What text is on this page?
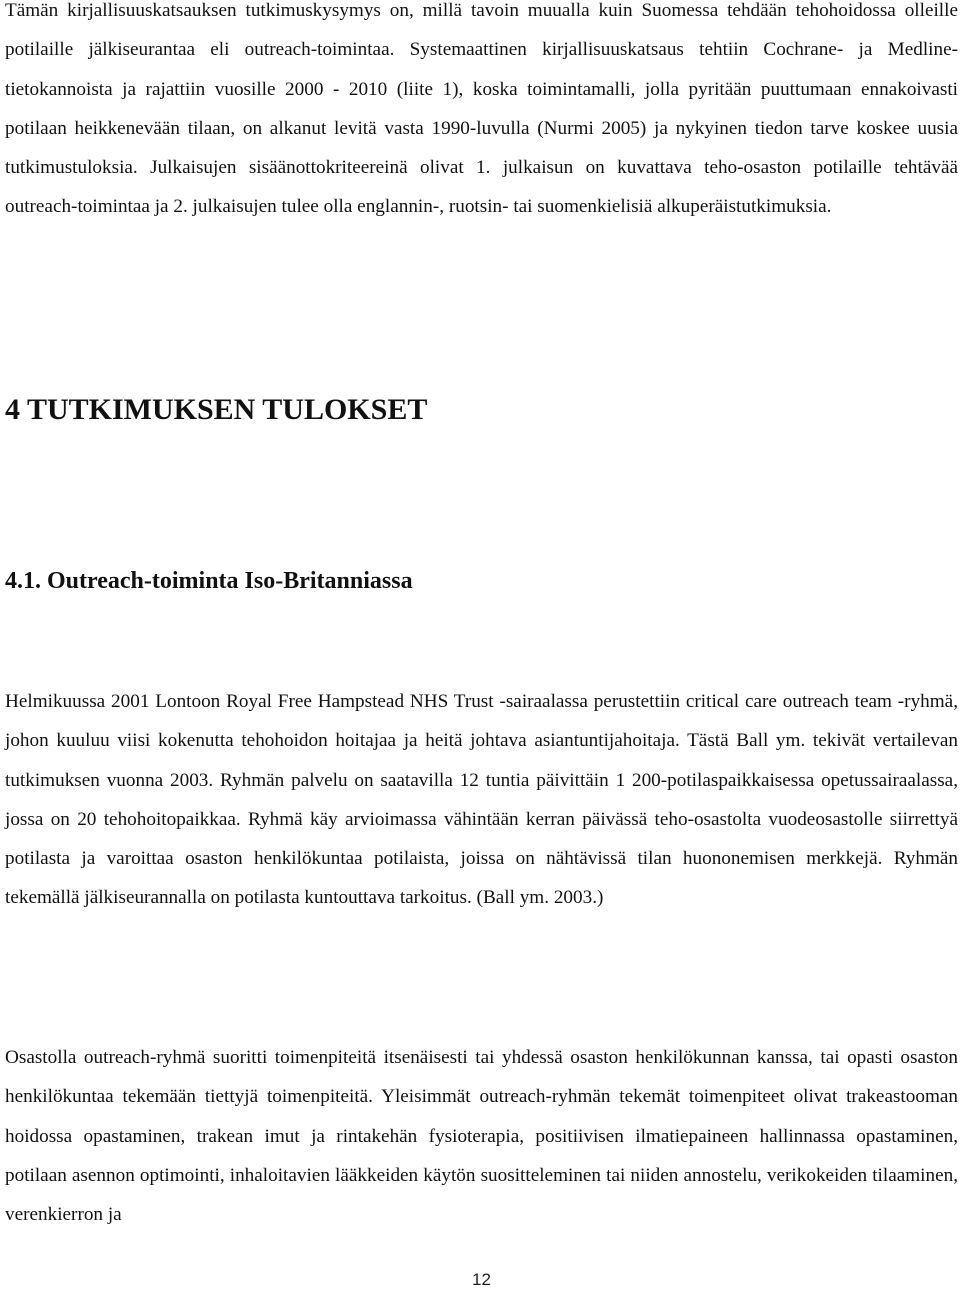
Tämän kirjallisuuskatsauksen tutkimuskysymys on, millä tavoin muualla kuin Suomessa tehdään tehohoidossa olleille potilaille jälkiseurantaa eli outreach-toimintaa. Systemaattinen kirjallisuuskatsaus tehtiin Cochrane- ja Medline-tietokannoista ja rajattiin vuosille 2000 - 2010 (liite 1), koska toimintamalli, jolla pyritään puuttumaan ennakoivasti potilaan heikkenevään tilaan, on alkanut levitä vasta 1990-luvulla (Nurmi 2005) ja nykyinen tiedon tarve koskee uusia tutkimustuloksia. Julkaisujen sisäänottokriteereinä olivat 1. julkaisun on kuvattava teho-osaston potilaille tehtävää outreach-toimintaa ja 2. julkaisujen tulee olla englannin-, ruotsin- tai suomenkielisiä alkuperäistutkimuksia.

4 TUTKIMUKSEN TULOKSET
4.1. Outreach-toiminta Iso-Britanniassa

Helmikuussa 2001 Lontoon Royal Free Hampstead NHS Trust -sairaalassa perustettiin critical care outreach team -ryhmä, johon kuuluu viisi kokenutta tehohoidon hoitajaa ja heitä johtava asiantuntijahoitaja. Tästä Ball ym. tekivät vertailevan tutkimuksen vuonna 2003. Ryhmän palvelu on saatavilla 12 tuntia päivittäin 1 200-potilaspaikkaisessa opetussairaalassa, jossa on 20 tehohoitopaikkaa. Ryhmä käy arvioimassa vähintään kerran päivässä teho-osastolta vuodeosastolle siirrettyä potilasta ja varoittaa osaston henkilökuntaa potilaista, joissa on nähtävissä tilan huononemisen merkkejä. Ryhmän tekemällä jälkiseurannalla on potilasta kuntouttava tarkoitus. (Ball ym. 2003.)

Osastolla outreach-ryhmä suoritti toimenpiteitä itsenäisesti tai yhdessä osaston henkilökunnan kanssa, tai opasti osaston henkilökuntaa tekemään tiettyjä toimenpiteitä. Yleisimmät outreach-ryhmän tekemät toimenpiteet olivat trakeastooman hoidossa opastaminen, trakean imut ja rintakehän fysioterapia, positiivisen ilmatiepaineen hallinnassa opastaminen, potilaan asennon optimointi, inhaloitavien lääkkeiden käytön suositteleminen tai niiden annostelu, verikokeiden tilaaminen, verenkierron ja

12
